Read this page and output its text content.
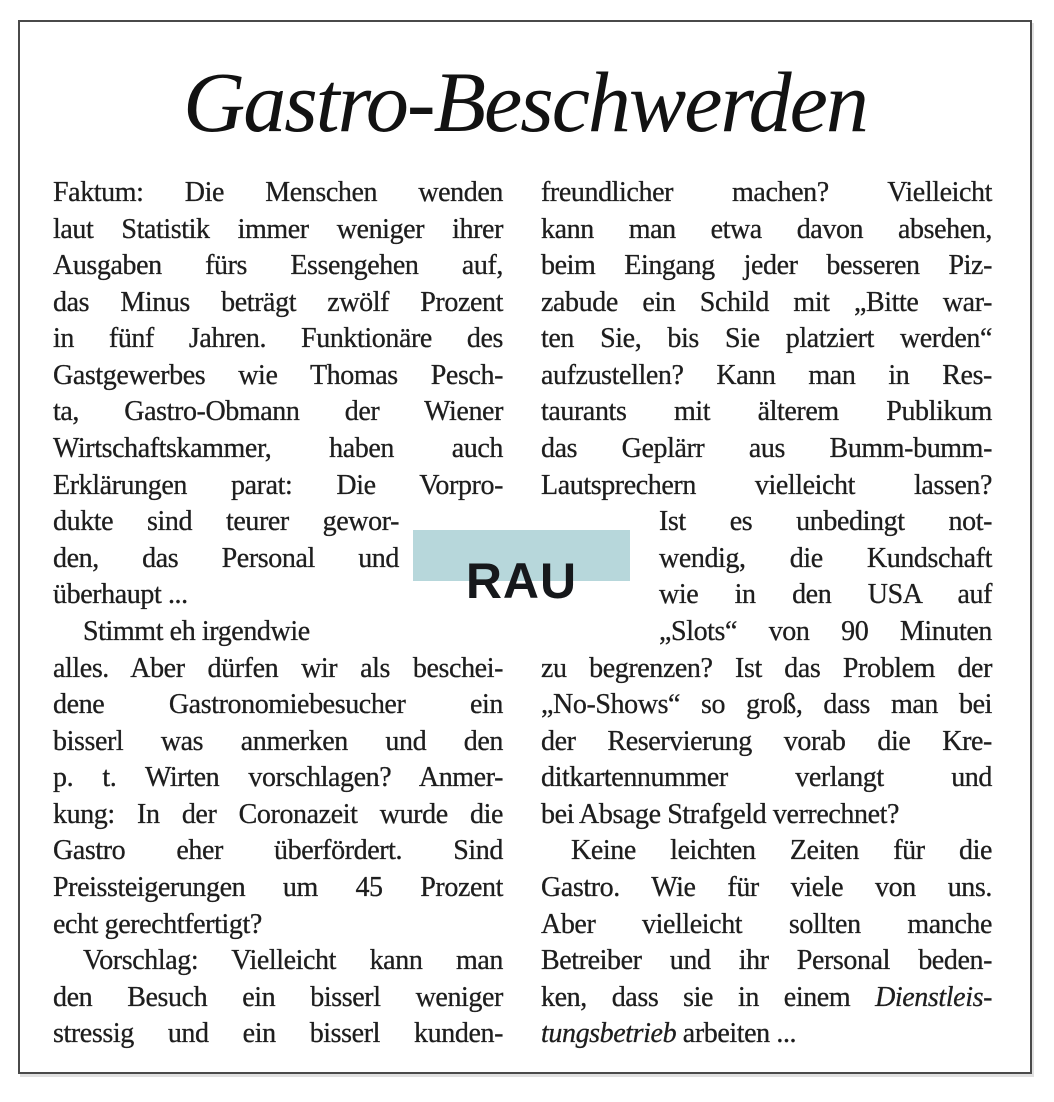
Gastro-Beschwerden
Faktum: Die Menschen wenden
laut Statistik immer weniger ihrer
Ausgaben fürs Essengehen auf,
das Minus beträgt zwölf Prozent
in fünf Jahren. Funktionäre des
Gastgewerbes wie Thomas Pesch-
ta, Gastro-Obmann der Wiener
Wirtschaftskammer, haben auch
Erklärungen parat: Die Vorpro-
dukte sind teurer gewor-
den, das Personal und
überhaupt ...
Stimmt eh irgendwie
alles. Aber dürfen wir als beschei-
dene Gastronomiebesucher ein
bisserl was anmerken und den
p. t. Wirten vorschlagen? Anmer-
kung: In der Coronazeit wurde die
Gastro eher überfördert. Sind
Preissteigerungen um 45 Prozent
echt gerechtfertigt?
Vorschlag: Vielleicht kann man
den Besuch ein bisserl weniger
stressig und ein bisserl kunden-
freundlicher machen? Vielleicht
kann man etwa davon absehen,
beim Eingang jeder besseren Piz-
zabude ein Schild mit „Bitte war-
ten Sie, bis Sie platziert werden“
aufzustellen? Kann man in Res-
taurants mit älterem Publikum
das Geplärr aus Bumm-bumm-
Lautsprechern vielleicht lassen?
Ist es unbedingt not-
wendig, die Kundschaft
wie in den USA auf
„Slots“ von 90 Minuten
zu begrenzen? Ist das Problem der
„No-Shows“ so groß, dass man bei
der Reservierung vorab die Kre-
ditkartennummer verlangt und
bei Absage Strafgeld verrechnet?
Keine leichten Zeiten für die
Gastro. Wie für viele von uns.
Aber vielleicht sollten manche
Betreiber und ihr Personal beden-
ken, dass sie in einem Dienstleis-
tungsbetrieb arbeiten ...
RAU
